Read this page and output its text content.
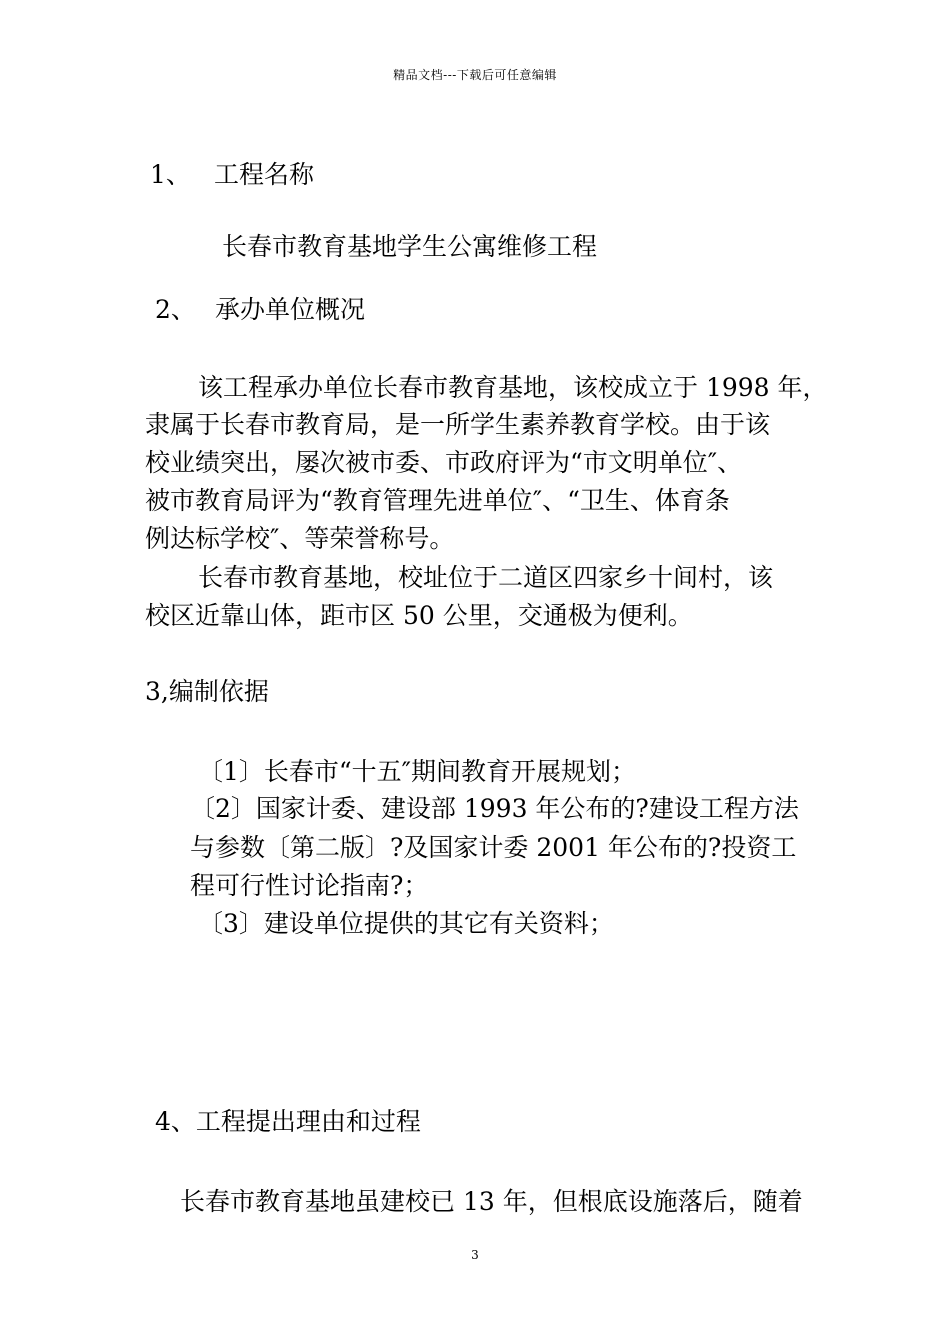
精品文档---下载后可任意编辑
1、 工程名称
长春市教育基地学生公寓维修工程
2、 承办单位概况
该工程承办单位长春市教育基地，该校成立于 1998 年，
隶属于长春市教育局，是一所学生素养教育学校。由于该
校业绩突出，屡次被市委、市政府评为“市文明单位″、
被市教育局评为“教育管理先进单位″、“卫生、体育条
例达标学校″、等荣誉称号。
长春市教育基地，校址位于二道区四家乡十间村，该
校区近靠山体，距市区 50 公里，交通极为便利。
3,编制依据
〔1〕长春市“十五″期间教育开展规划；
〔2〕国家计委、建设部 1993 年公布的?建设工程方法
与参数〔第二版〕?及国家计委 2001 年公布的?投资工
程可行性讨论指南?；
〔3〕建设单位提供的其它有关资料；
4、工程提出理由和过程
长春市教育基地虽建校已 13 年，但根底设施落后，随着
3
